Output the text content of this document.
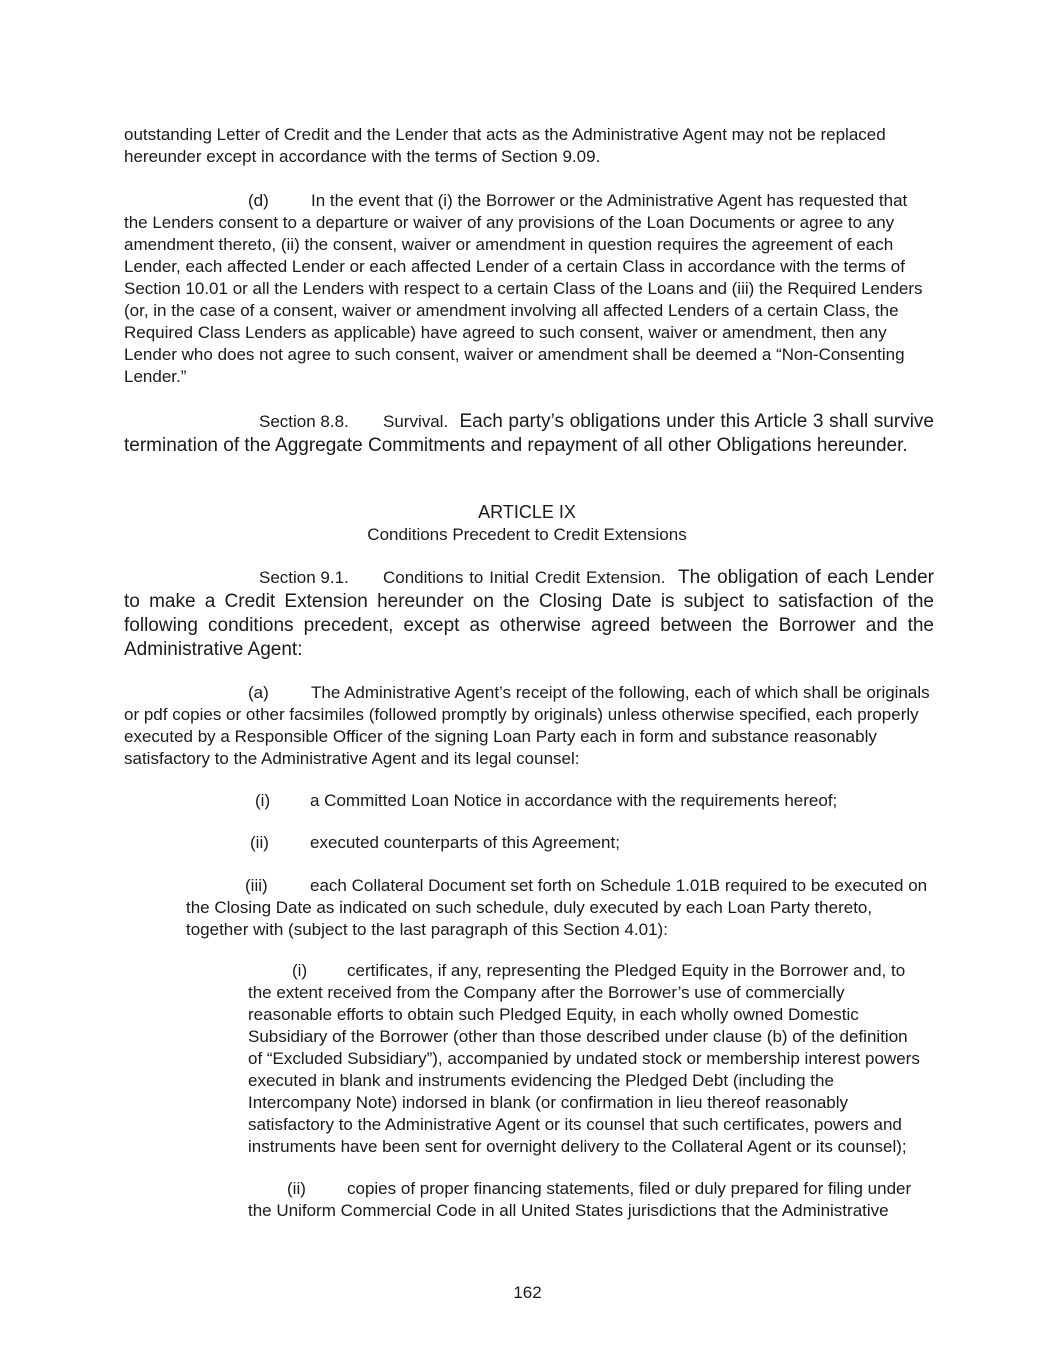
outstanding Letter of Credit and the Lender that acts as the Administrative Agent may not be replaced hereunder except in accordance with the terms of Section 9.09.

(d) In the event that (i) the Borrower or the Administrative Agent has requested that the Lenders consent to a departure or waiver of any provisions of the Loan Documents or agree to any amendment thereto, (ii) the consent, waiver or amendment in question requires the agreement of each Lender, each affected Lender or each affected Lender of a certain Class in accordance with the terms of Section 10.01 or all the Lenders with respect to a certain Class of the Loans and (iii) the Required Lenders (or, in the case of a consent, waiver or amendment involving all affected Lenders of a certain Class, the Required Class Lenders as applicable) have agreed to such consent, waiver or amendment, then any Lender who does not agree to such consent, waiver or amendment shall be deemed a “Non-Consenting Lender.”

Section 8.8. Survival. Each party’s obligations under this Article 3 shall survive termination of the Aggregate Commitments and repayment of all other Obligations hereunder.

ARTICLE IX
Conditions Precedent to Credit Extensions

Section 9.1. Conditions to Initial Credit Extension. The obligation of each Lender to make a Credit Extension hereunder on the Closing Date is subject to satisfaction of the following conditions precedent, except as otherwise agreed between the Borrower and the Administrative Agent:

(a) The Administrative Agent’s receipt of the following, each of which shall be originals or pdf copies or other facsimiles (followed promptly by originals) unless otherwise specified, each properly executed by a Responsible Officer of the signing Loan Party each in form and substance reasonably satisfactory to the Administrative Agent and its legal counsel:

(i) a Committed Loan Notice in accordance with the requirements hereof;

(ii) executed counterparts of this Agreement;

(iii) each Collateral Document set forth on Schedule 1.01B required to be executed on the Closing Date as indicated on such schedule, duly executed by each Loan Party thereto, together with (subject to the last paragraph of this Section 4.01):

(i) certificates, if any, representing the Pledged Equity in the Borrower and, to the extent received from the Company after the Borrower’s use of commercially reasonable efforts to obtain such Pledged Equity, in each wholly owned Domestic Subsidiary of the Borrower (other than those described under clause (b) of the definition of “Excluded Subsidiary”), accompanied by undated stock or membership interest powers executed in blank and instruments evidencing the Pledged Debt (including the Intercompany Note) indorsed in blank (or confirmation in lieu thereof reasonably satisfactory to the Administrative Agent or its counsel that such certificates, powers and instruments have been sent for overnight delivery to the Collateral Agent or its counsel);

(ii) copies of proper financing statements, filed or duly prepared for filing under the Uniform Commercial Code in all United States jurisdictions that the Administrative

162
